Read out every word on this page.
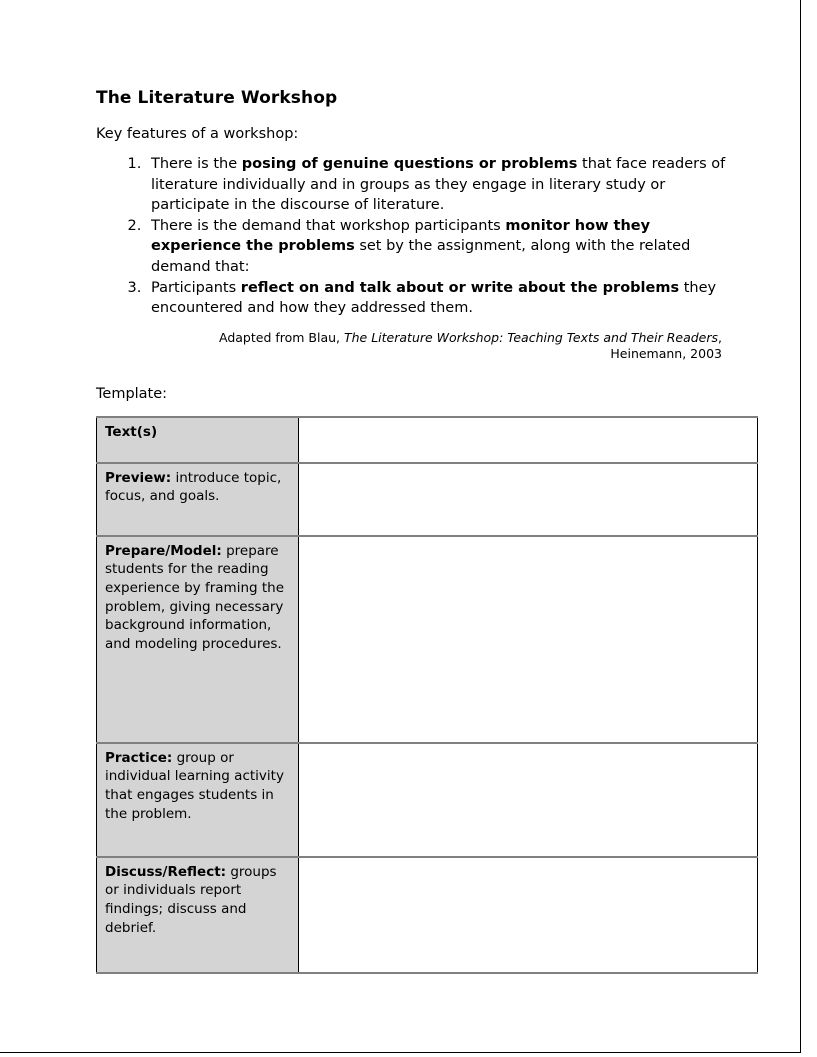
The Literature Workshop

Key features of a workshop:

1. There is the posing of genuine questions or problems that face readers of literature individually and in groups as they engage in literary study or participate in the discourse of literature.
2. There is the demand that workshop participants monitor how they experience the problems set by the assignment, along with the related demand that:
3. Participants reflect on and talk about or write about the problems they encountered and how they addressed them.

Adapted from Blau, The Literature Workshop: Teaching Texts and Their Readers, Heinemann, 2003

Template:

Text(s)	
Preview: introduce topic, focus, and goals.	
Prepare/Model: prepare students for the reading experience by framing the problem, giving necessary background information, and modeling procedures.	
Practice: group or individual learning activity that engages students in the problem.	
Discuss/Reflect: groups or individuals report findings; discuss and debrief.	
